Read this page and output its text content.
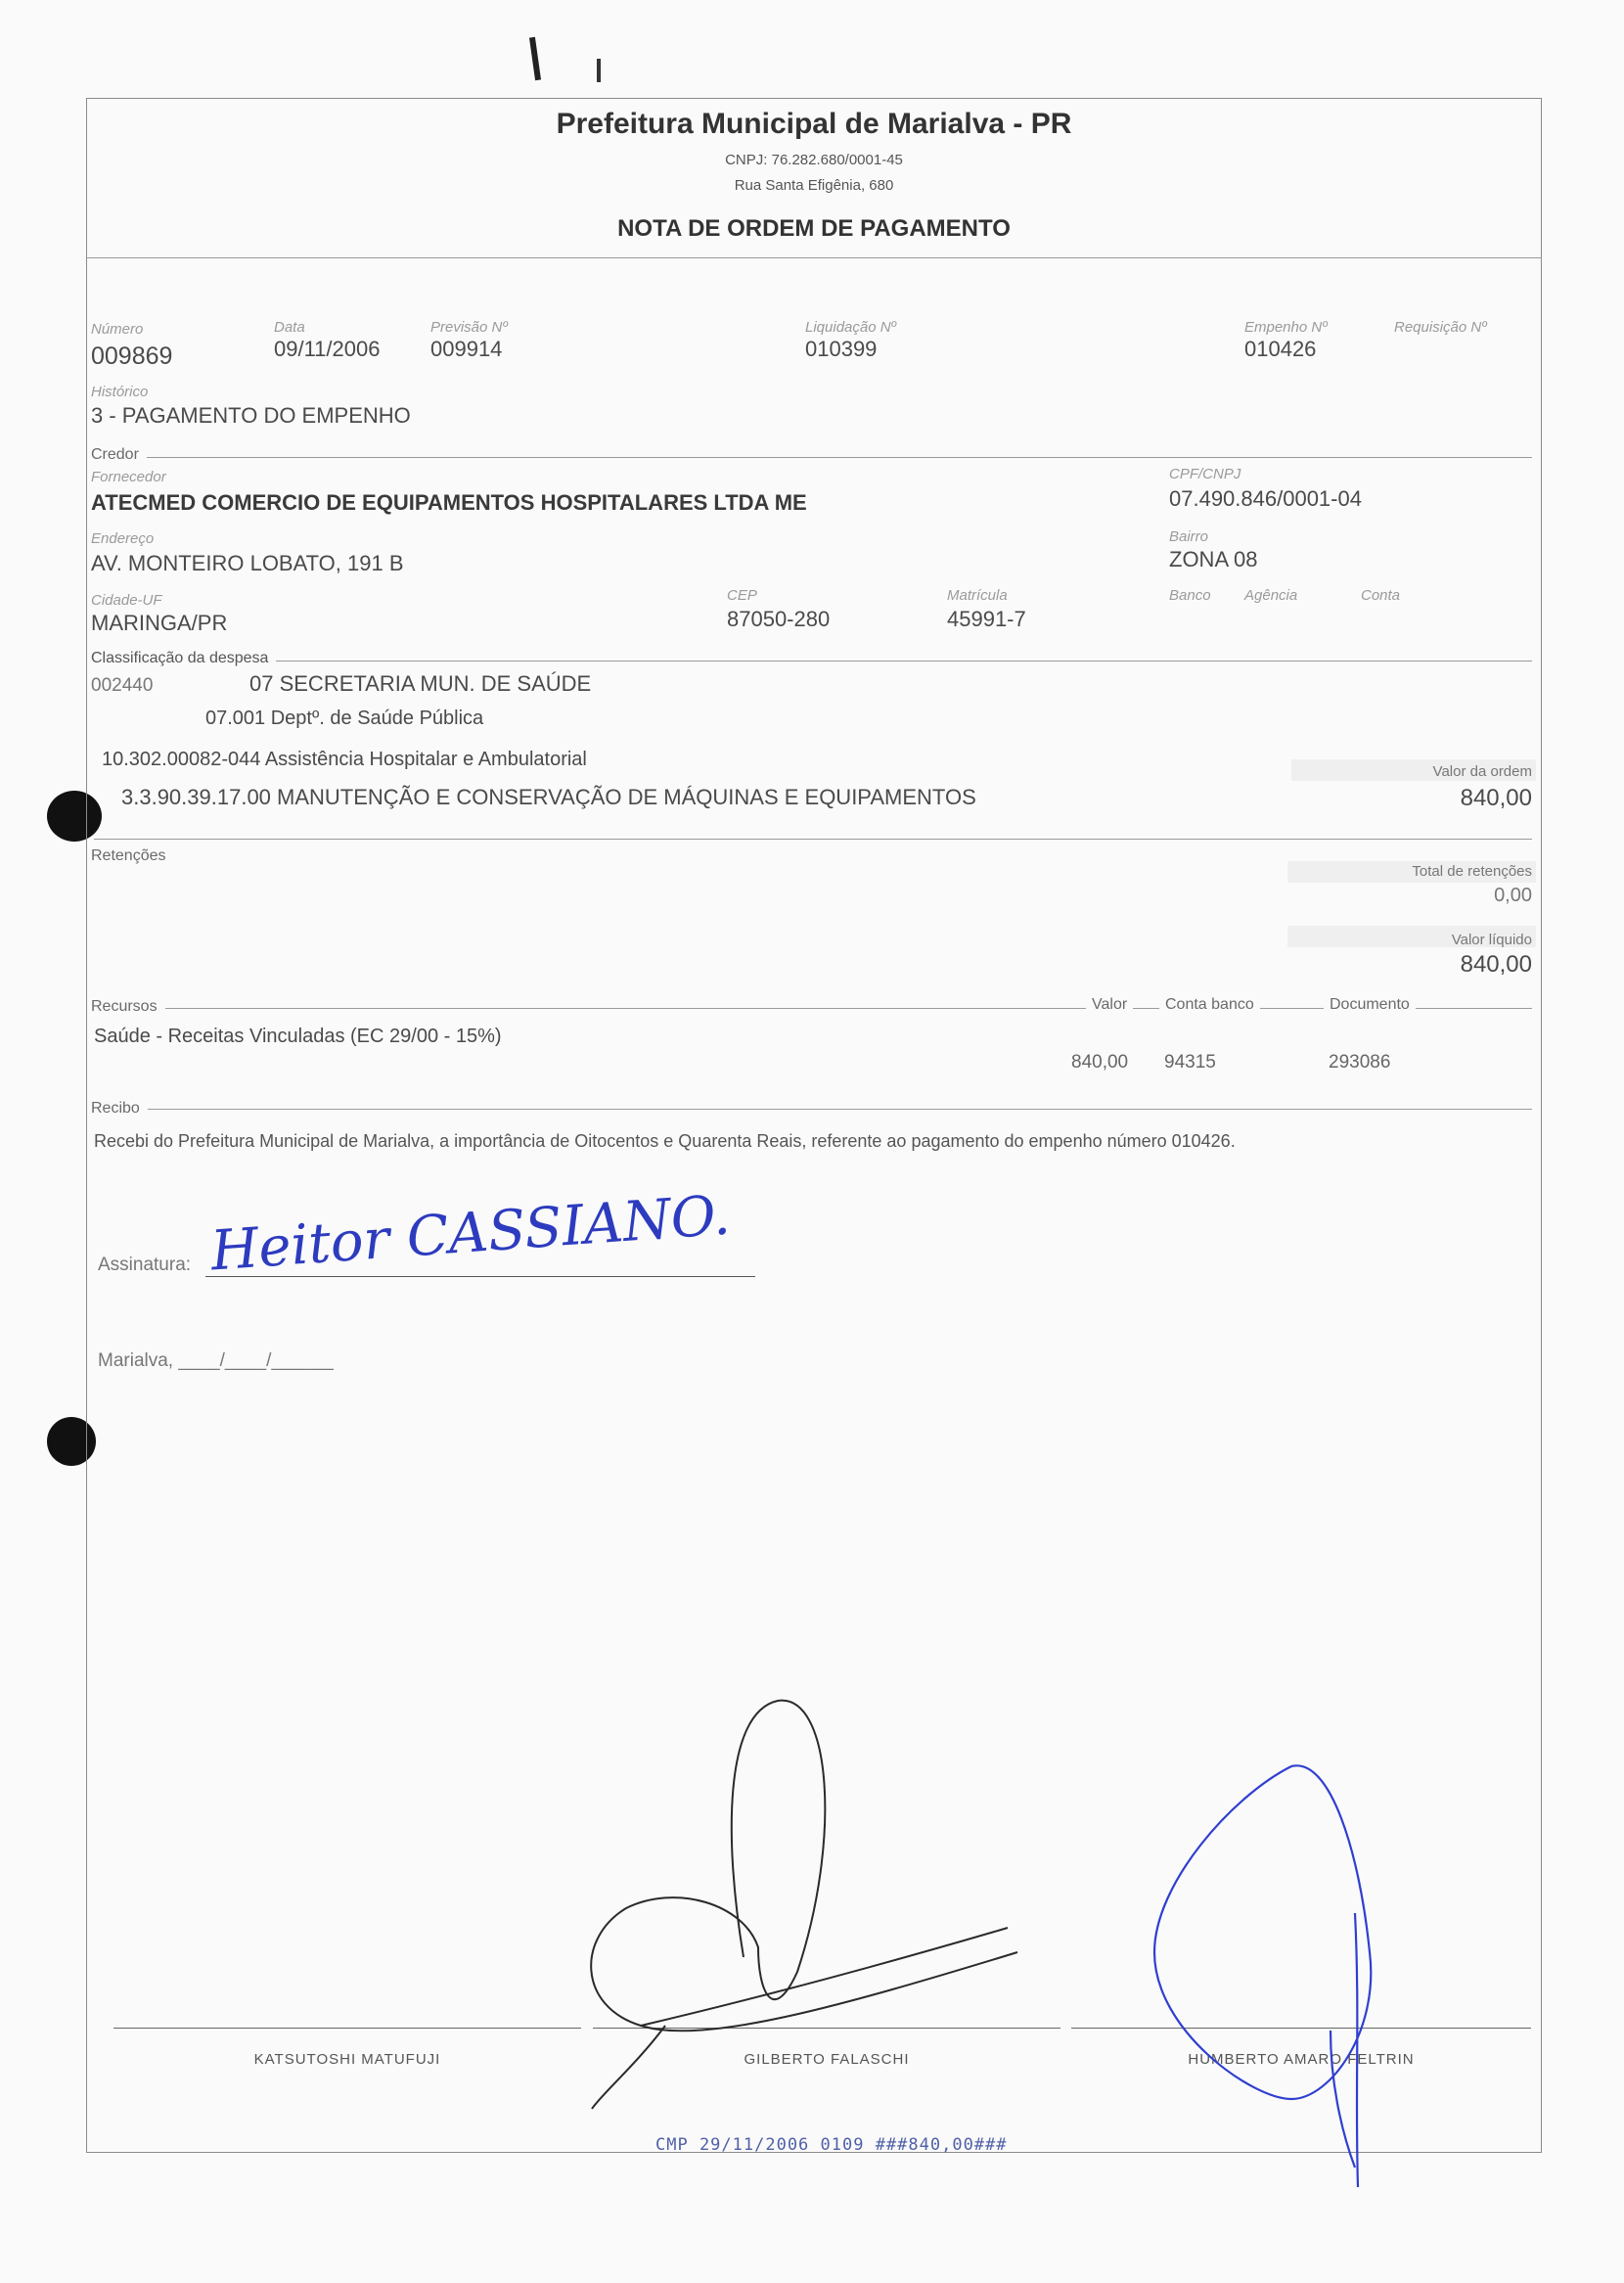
Prefeitura Municipal de Marialva - PR
CNPJ: 76.282.680/0001-45
Rua Santa Efigênia, 680
NOTA DE ORDEM DE PAGAMENTO
Número
009869
Data
09/11/2006
Previsão Nº
009914
Liquidação Nº
010399
Empenho Nº
010426
Requisição Nº
Histórico
3 - PAGAMENTO DO EMPENHO
Credor
Fornecedor
ATECMED COMERCIO DE EQUIPAMENTOS HOSPITALARES LTDA ME
CPF/CNPJ
07.490.846/0001-04
Endereço
AV. MONTEIRO LOBATO, 191 B
Bairro
ZONA 08
Cidade-UF
MARINGA/PR
CEP
87050-280
Matrícula
45991-7
Banco Agência	Conta
Classificação da despesa
002440	07 SECRETARIA MUN. DE SAÚDE
07.001 Deptº. de Saúde Pública
10.302.00082-044 Assistência Hospitalar e Ambulatorial
3.3.90.39.17.00 MANUTENÇÃO E CONSERVAÇÃO DE MÁQUINAS E EQUIPAMENTOS
Valor da ordem
840,00
Retenções
Total de retenções
0,00
Valor líquido
840,00
Recursos	Valor	Conta banco	Documento
Saúde - Receitas Vinculadas (EC 29/00 - 15%)
840,00 94315	293086
Recibo
Recebi do Prefeitura Municipal de Marialva, a importância de Oitocentos e Quarenta Reais, referente ao pagamento do empenho número 010426.
Assinatura: Heitor CASSIANO.
Marialva, ____/____/______
KATSUTOSHI MATUFUJI	GILBERTO FALASCHI	HUMBERTO AMARO FELTRIN
CMP 29/11/2006 0109 ###840,00###
